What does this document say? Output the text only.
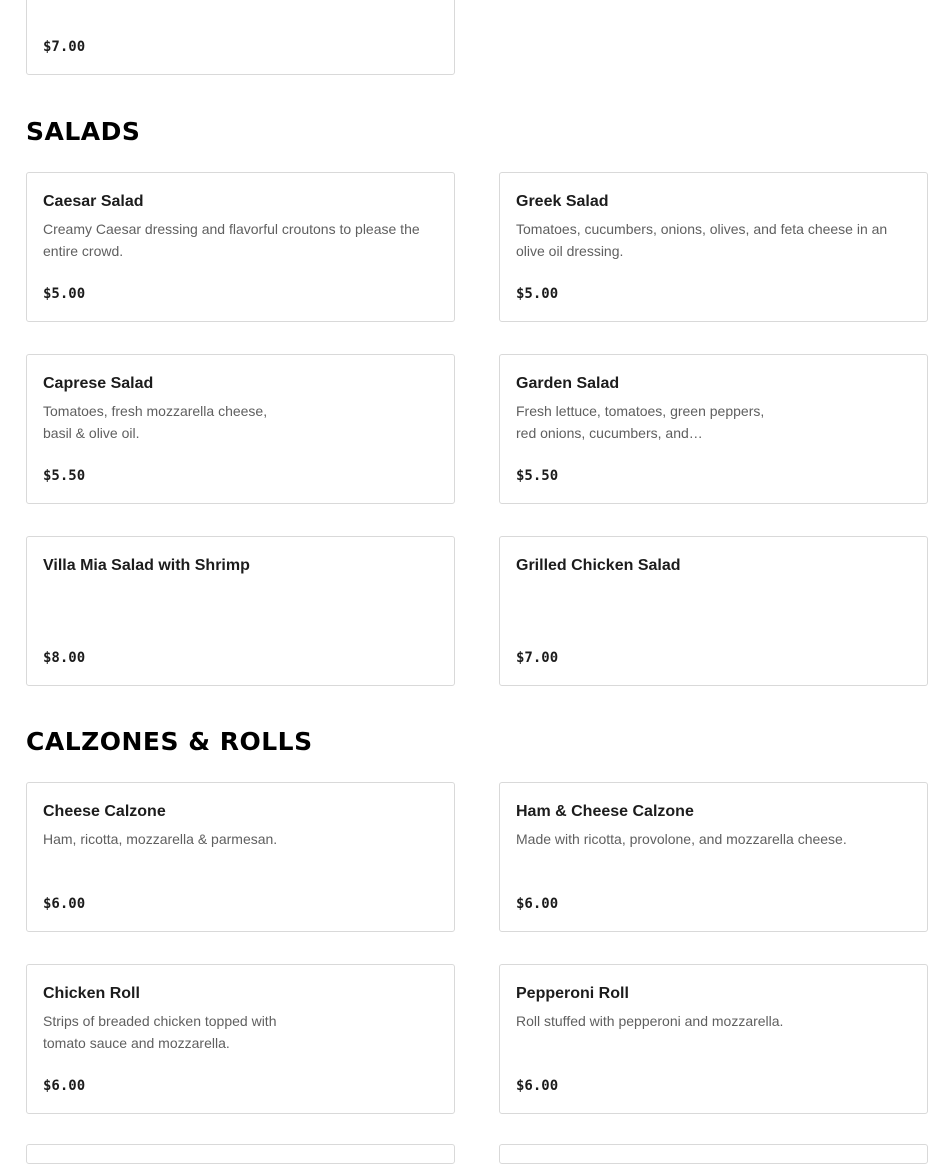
$7.00
SALADS
Caesar Salad
Creamy Caesar dressing and flavorful croutons to please the entire crowd.
$5.00
Greek Salad
Tomatoes, cucumbers, onions, olives, and feta cheese in an olive oil dressing.
$5.00
Caprese Salad
Tomatoes, fresh mozzarella cheese, basil & olive oil.
$5.50
Garden Salad
Fresh lettuce, tomatoes, green peppers, red onions, cucumbers, and…
$5.50
Villa Mia Salad with Shrimp
$8.00
Grilled Chicken Salad
$7.00
CALZONES & ROLLS
Cheese Calzone
Ham, ricotta, mozzarella & parmesan.
$6.00
Ham & Cheese Calzone
Made with ricotta, provolone, and mozzarella cheese.
$6.00
Chicken Roll
Strips of breaded chicken topped with tomato sauce and mozzarella.
$6.00
Pepperoni Roll
Roll stuffed with pepperoni and mozzarella.
$6.00
